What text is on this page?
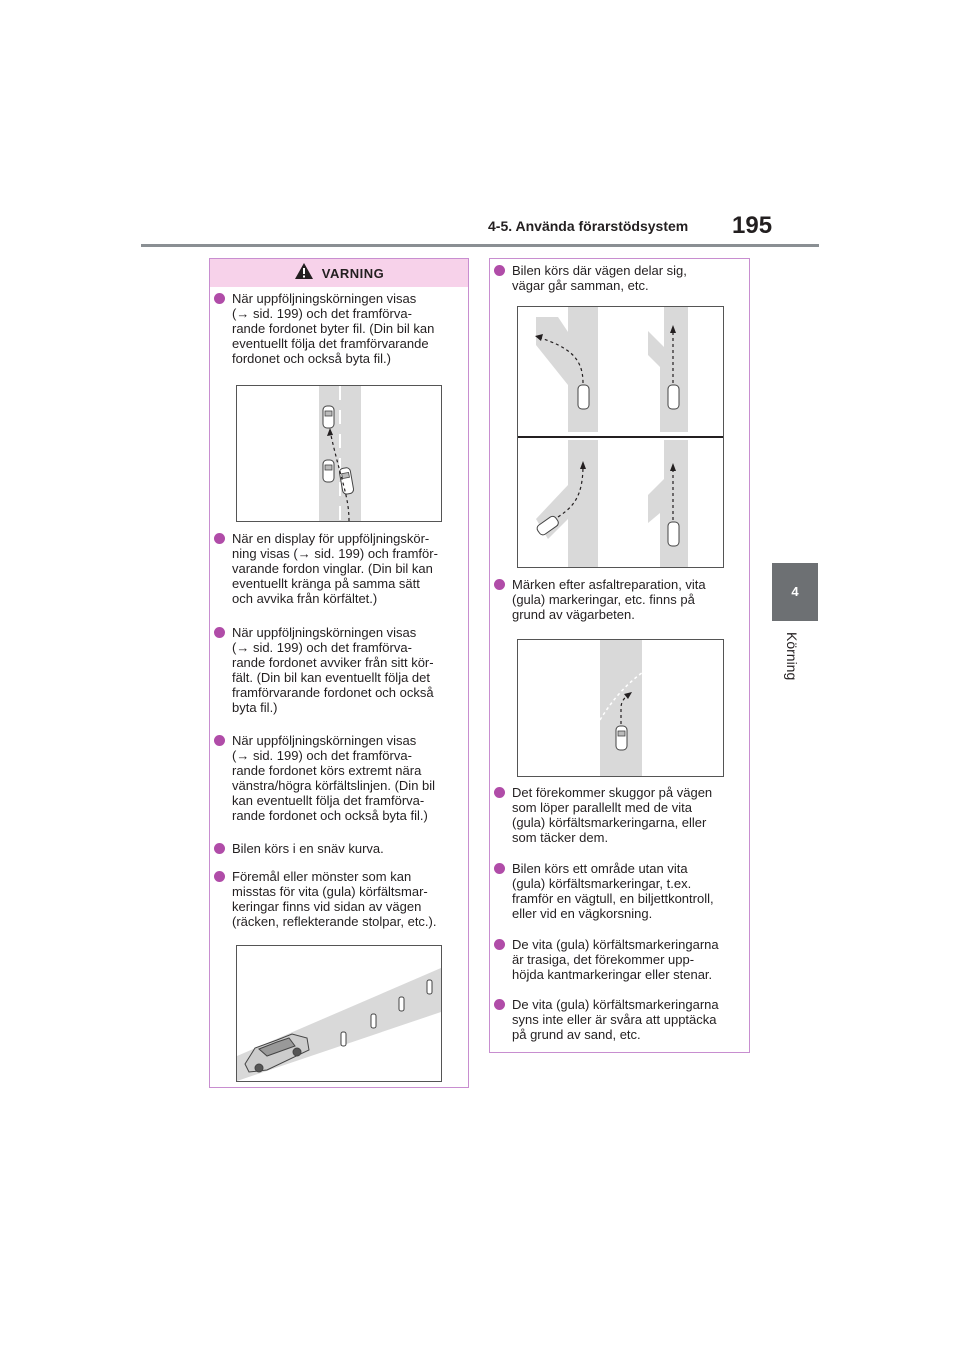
4-5. Använda förarstödsystem 195
4
Körning
VARNING
När uppföljningskörningen visas
(→ sid. 199) och det framförva-
rande fordonet byter fil. (Din bil kan
eventuellt följa det framförvarande
fordonet och också byta fil.)
När en display för uppföljningskör-
ning visas (→ sid. 199) och framför-
varande fordon vinglar. (Din bil kan
eventuellt kränga på samma sätt
och avvika från körfältet.)
När uppföljningskörningen visas
(→ sid. 199) och det framförva-
rande fordonet avviker från sitt kör-
fält. (Din bil kan eventuellt följa det
framförvarande fordonet och också
byta fil.)
När uppföljningskörningen visas
(→ sid. 199) och det framförva-
rande fordonet körs extremt nära
vänstra/högra körfältslinjen. (Din bil
kan eventuellt följa det framförva-
rande fordonet och också byta fil.)
Bilen körs i en snäv kurva.
Föremål eller mönster som kan
misstas för vita (gula) körfältsmar-
keringar finns vid sidan av vägen
(räcken, reflekterande stolpar, etc.).
Bilen körs där vägen delar sig,
vägar går samman, etc.
Märken efter asfaltreparation, vita
(gula) markeringar, etc. finns på
grund av vägarbeten.
Det förekommer skuggor på vägen
som löper parallellt med de vita
(gula) körfältsmarkeringarna, eller
som täcker dem.
Bilen körs ett område utan vita
(gula) körfältsmarkeringar, t.ex.
framför en vägtull, en biljettkontroll,
eller vid en vägkorsning.
De vita (gula) körfältsmarkeringarna
är trasiga, det förekommer upp-
höjda kantmarkeringar eller stenar.
De vita (gula) körfältsmarkeringarna
syns inte eller är svåra att upptäcka
på grund av sand, etc.
